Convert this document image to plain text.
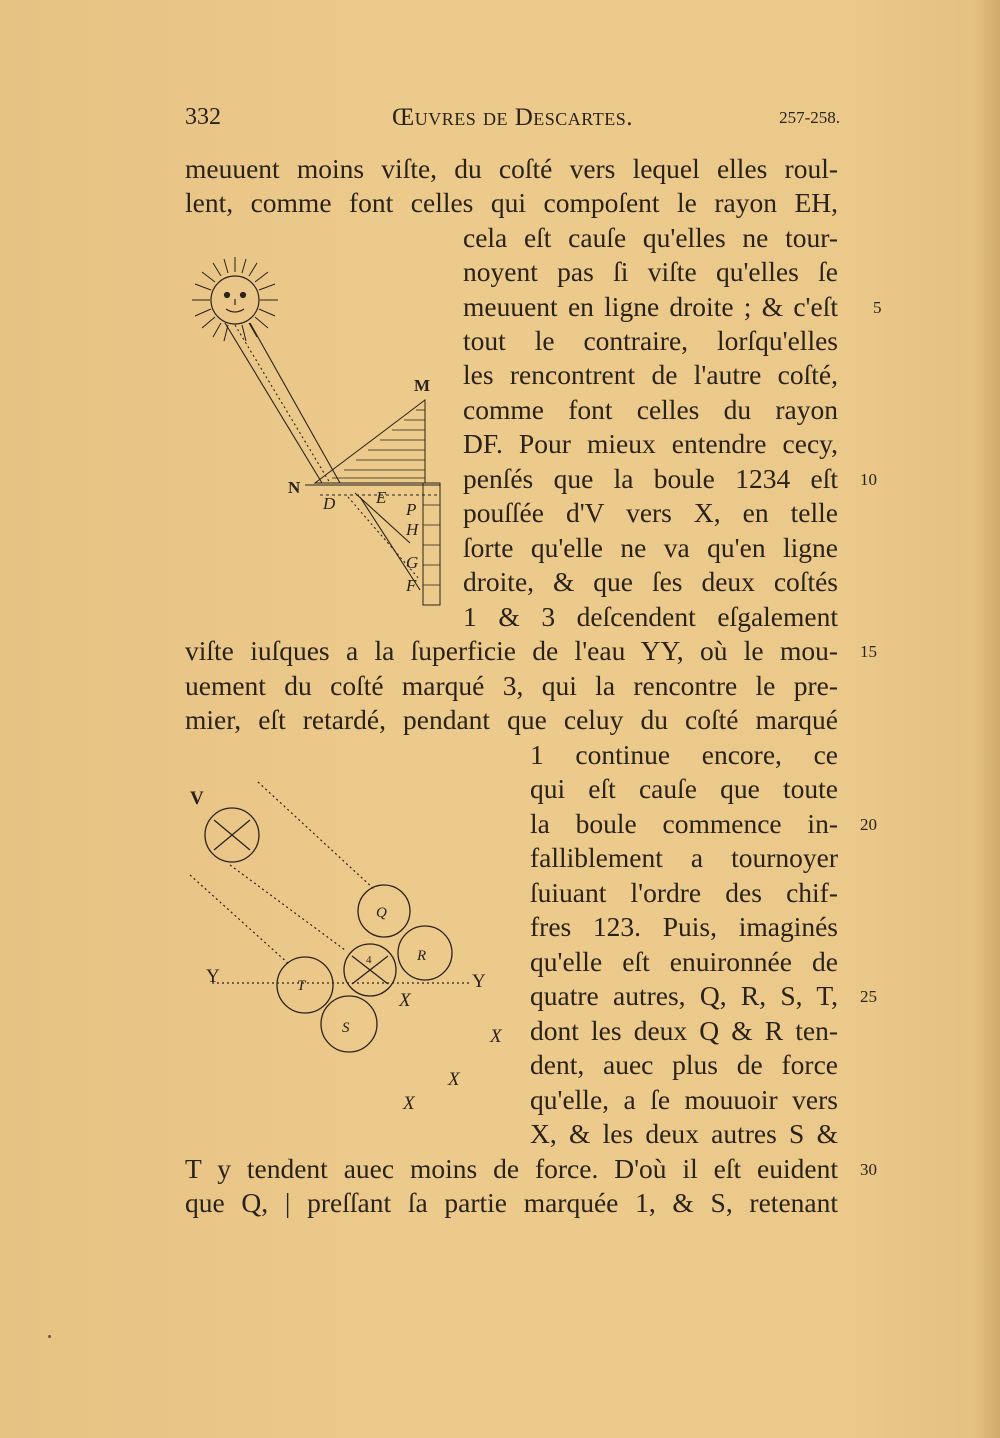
332	Œuvres de Descartes.	257-258.
meuuent moins viſte, du coſté vers lequel elles roul-
lent, comme font celles qui compoſent le rayon EH,
cela eſt cauſe qu'elles ne tour-
noyent pas ſi viſte qu'elles ſe
meuuent en ligne droite ; & c'eſt
tout le contraire, lorſqu'elles
les rencontrent de l'autre coſté,
comme font celles du rayon
DF. Pour mieux entendre cecy,
penſés que la boule 1234 eſt
pouſſée d'V vers X, en telle
ſorte qu'elle ne va qu'en ligne
droite, & que ſes deux coſtés
1 & 3 deſcendent eſgalement
viſte iuſques a la ſuperficie de l'eau YY, où le mou-
uement du coſté marqué 3, qui la rencontre le pre-
mier, eſt retardé, pendant que celuy du coſté marqué
1 continue encore, ce
qui eſt cauſe que toute
la boule commence in-
falliblement a tournoyer
ſuiuant l'ordre des chif-
fres 123. Puis, imaginés
qu'elle eſt enuironnée de
quatre autres, Q, R, S, T,
dont les deux Q & R ten-
dent, auec plus de force
qu'elle, a ſe mouuoir vers
X, & les deux autres S &
T y tendent auec moins de force. D'où il eſt euident
que Q, | preſſant ſa partie marquée 1, & S, retenant
5
10
15
20
25
30
M
N
D E
P
H
G
F
V
Y	Y
X
X
X
X
Q
R
S
T
4
